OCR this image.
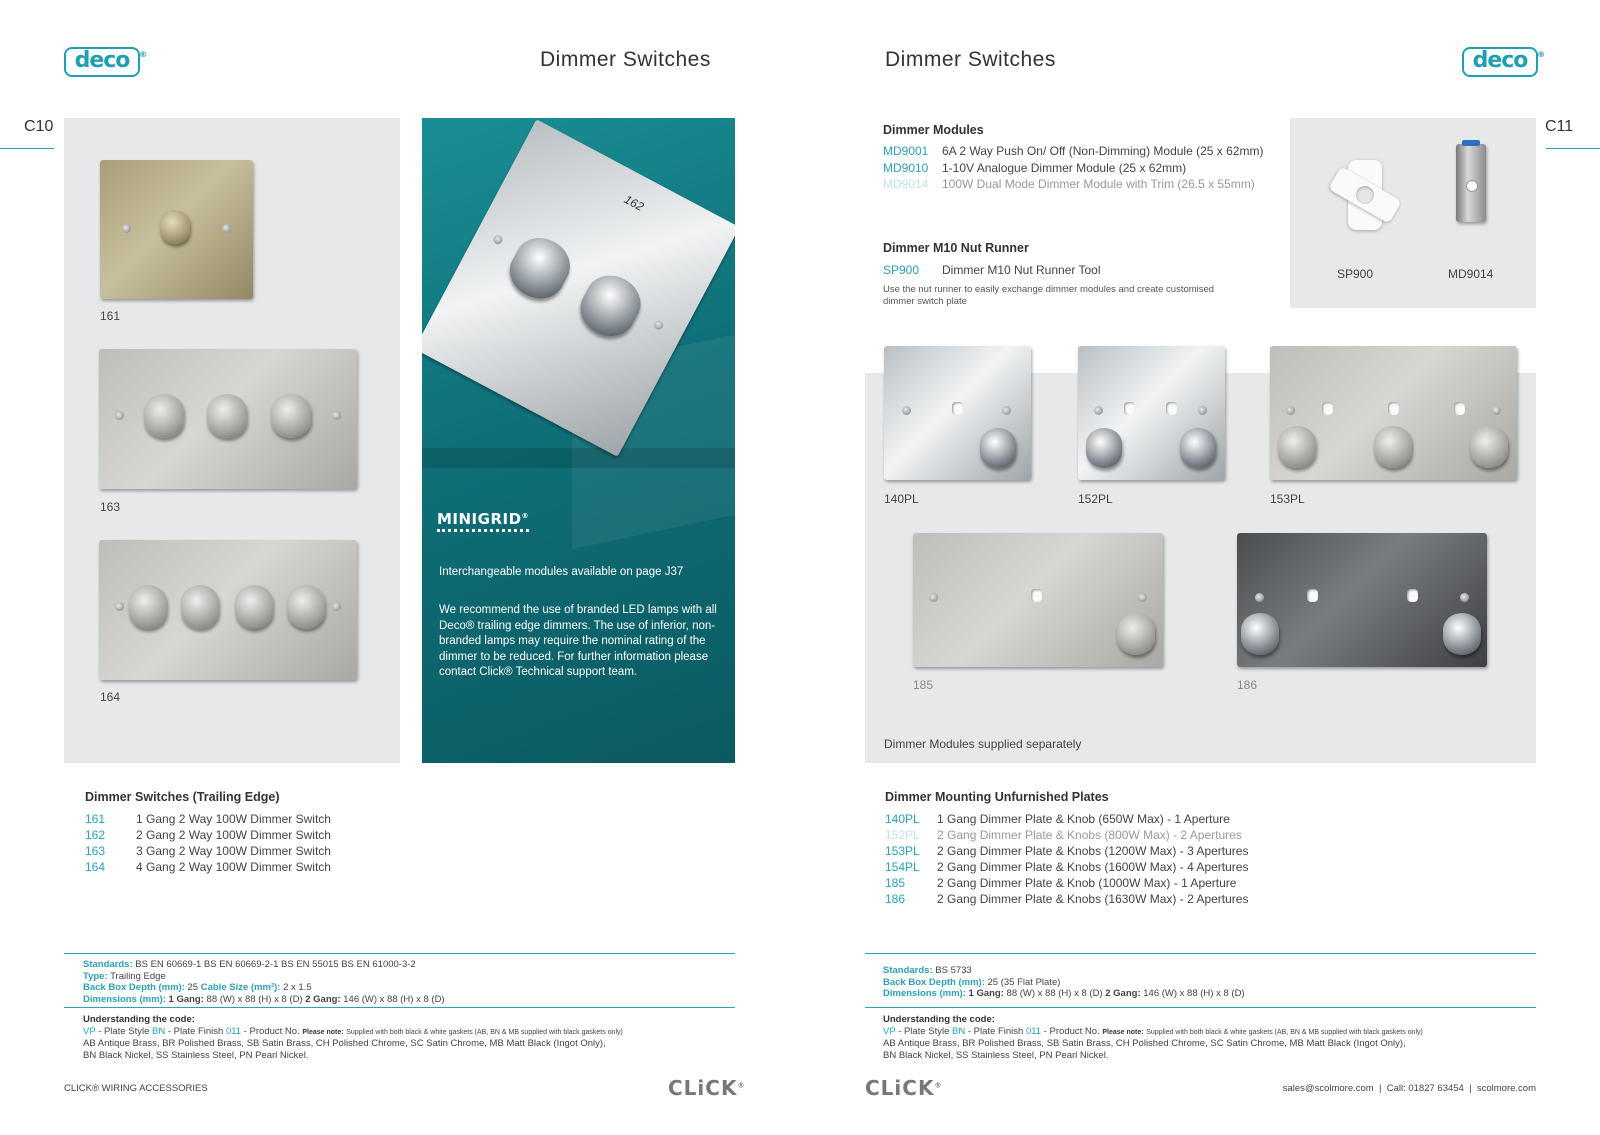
deco ®	Dimmer Switches
C10
161
163
164
162
MINIGRID®
Interchangeable modules available on page J37
We recommend the use of branded LED lamps with all Deco® trailing edge dimmers. The use of inferior, non-branded lamps may require the nominal rating of the dimmer to be reduced. For further information please contact Click® Technical support team.
Dimmer Switches (Trailing Edge)
161	1 Gang 2 Way 100W Dimmer Switch
162	2 Gang 2 Way 100W Dimmer Switch
163	3 Gang 2 Way 100W Dimmer Switch
164	4 Gang 2 Way 100W Dimmer Switch
Standards: BS EN 60669-1 BS EN 60669-2-1 BS EN 55015 BS EN 61000-3-2
Type: Trailing Edge
Back Box Depth (mm): 25 Cable Size (mm²): 2 x 1.5
Dimensions (mm): 1 Gang: 88 (W) x 88 (H) x 8 (D) 2 Gang: 146 (W) x 88 (H) x 8 (D)
Understanding the code:
VP - Plate Style BN - Plate Finish 011 - Product No. Please note: Supplied with both black & white gaskets (AB, BN & MB supplied with black gaskets only)
AB Antique Brass, BR Polished Brass, SB Satin Brass, CH Polished Chrome, SC Satin Chrome, MB Matt Black (Ingot Only),
BN Black Nickel, SS Stainless Steel, PN Pearl Nickel.
CLICK® WIRING ACCESSORIES	CLiCK®
Dimmer Switches	deco ®
C11
Dimmer Modules
MD9001 6A 2 Way Push On/ Off (Non-Dimming) Module (25 x 62mm)
MD9010 1-10V Analogue Dimmer Module (25 x 62mm)
MD9014 100W Dual Mode Dimmer Module with Trim (26.5 x 55mm)
Dimmer M10 Nut Runner
SP900 Dimmer M10 Nut Runner Tool
Use the nut runner to easily exchange dimmer modules and create customised dimmer switch plate
SP900	MD9014
140PL	152PL	153PL
185	186
Dimmer Modules supplied separately
Dimmer Mounting Unfurnished Plates
140PL 1 Gang Dimmer Plate & Knob (650W Max) - 1 Aperture
152PL 2 Gang Dimmer Plate & Knobs (800W Max) - 2 Apertures
153PL 2 Gang Dimmer Plate & Knobs (1200W Max) - 3 Apertures
154PL 2 Gang Dimmer Plate & Knobs (1600W Max) - 4 Apertures
185	2 Gang Dimmer Plate & Knob (1000W Max) - 1 Aperture
186	2 Gang Dimmer Plate & Knobs (1630W Max) - 2 Apertures
Standards: BS 5733
Back Box Depth (mm): 25 (35 Flat Plate)
Dimensions (mm): 1 Gang: 88 (W) x 88 (H) x 8 (D) 2 Gang: 146 (W) x 88 (H) x 8 (D)
Understanding the code:
VP - Plate Style BN - Plate Finish 011 - Product No. Please note: Supplied with both black & white gaskets (AB, BN & MB supplied with black gaskets only)
AB Antique Brass, BR Polished Brass, SB Satin Brass, CH Polished Chrome, SC Satin Chrome, MB Matt Black (Ingot Only),
BN Black Nickel, SS Stainless Steel, PN Pearl Nickel.
CLiCK®	sales@scolmore.com  |  Call: 01827 63454  |  scolmore.com
